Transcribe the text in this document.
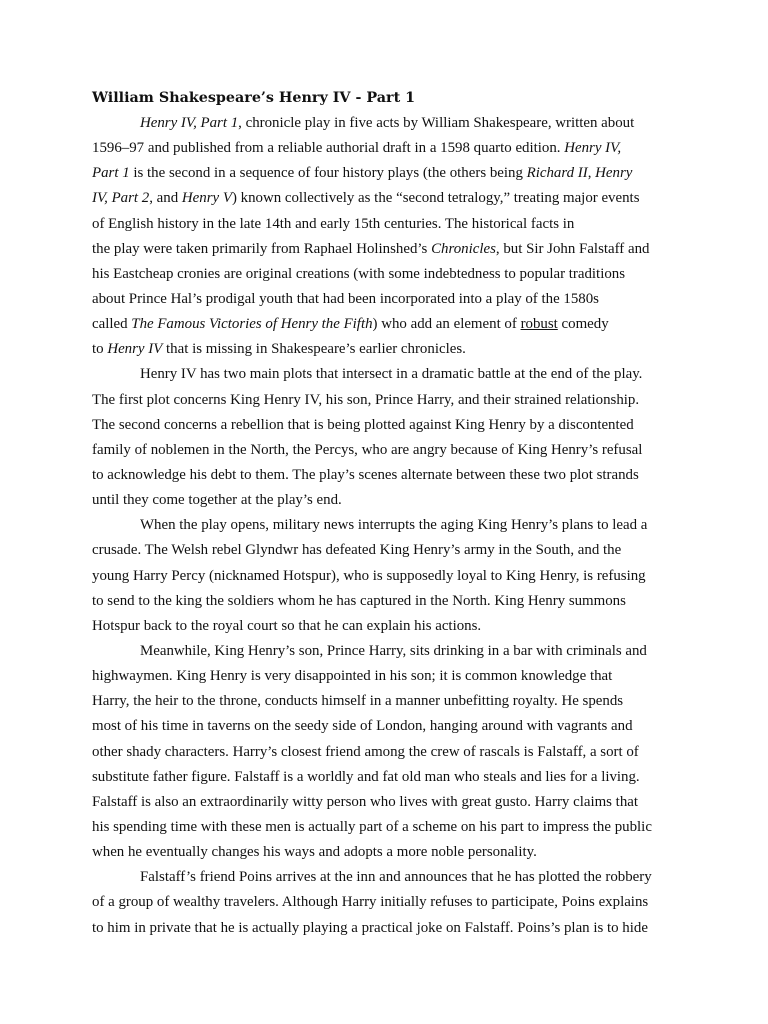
William Shakespeare’s Henry IV - Part 1
Henry IV, Part 1, chronicle play in five acts by William Shakespeare, written about
1596–97 and published from a reliable authorial draft in a 1598 quarto edition. Henry IV,
Part 1 is the second in a sequence of four history plays (the others being Richard II, Henry
IV, Part 2, and Henry V) known collectively as the “second tetralogy,” treating major events
of English history in the late 14th and early 15th centuries. The historical facts in
the play were taken primarily from Raphael Holinshed’s Chronicles, but Sir John Falstaff and
his Eastcheap cronies are original creations (with some indebtedness to popular traditions
about Prince Hal’s prodigal youth that had been incorporated into a play of the 1580s
called The Famous Victories of Henry the Fifth) who add an element of robust comedy
to Henry IV that is missing in Shakespeare’s earlier chronicles.
Henry IV has two main plots that intersect in a dramatic battle at the end of the play.
The first plot concerns King Henry IV, his son, Prince Harry, and their strained relationship.
The second concerns a rebellion that is being plotted against King Henry by a discontented
family of noblemen in the North, the Percys, who are angry because of King Henry’s refusal
to acknowledge his debt to them. The play’s scenes alternate between these two plot strands
until they come together at the play’s end.
When the play opens, military news interrupts the aging King Henry’s plans to lead a
crusade. The Welsh rebel Glyndwr has defeated King Henry’s army in the South, and the
young Harry Percy (nicknamed Hotspur), who is supposedly loyal to King Henry, is refusing
to send to the king the soldiers whom he has captured in the North. King Henry summons
Hotspur back to the royal court so that he can explain his actions.
Meanwhile, King Henry’s son, Prince Harry, sits drinking in a bar with criminals and
highwaymen. King Henry is very disappointed in his son; it is common knowledge that
Harry, the heir to the throne, conducts himself in a manner unbefitting royalty. He spends
most of his time in taverns on the seedy side of London, hanging around with vagrants and
other shady characters. Harry’s closest friend among the crew of rascals is Falstaff, a sort of
substitute father figure. Falstaff is a worldly and fat old man who steals and lies for a living.
Falstaff is also an extraordinarily witty person who lives with great gusto. Harry claims that
his spending time with these men is actually part of a scheme on his part to impress the public
when he eventually changes his ways and adopts a more noble personality.
Falstaff’s friend Poins arrives at the inn and announces that he has plotted the robbery
of a group of wealthy travelers. Although Harry initially refuses to participate, Poins explains
to him in private that he is actually playing a practical joke on Falstaff. Poins’s plan is to hide
